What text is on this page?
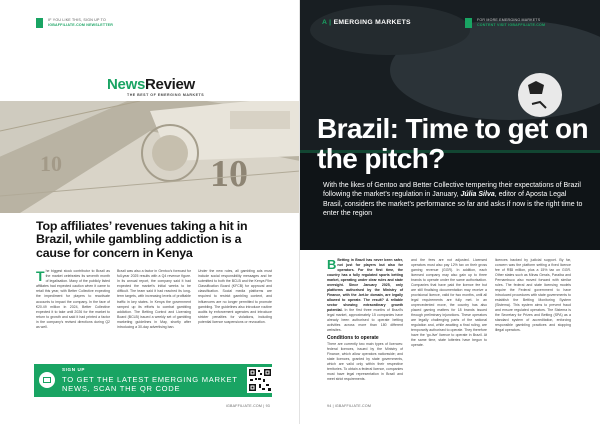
IF YOU LIKE THIS, SIGN UP TO
IGBAFFILIATE.COM NEWSLETTER
NewsReview
THE BEST OF EMERGING MARKETS
10
10
Top affiliates’ revenues taking a hit in Brazil, while gambling addiction is a cause for concern in Kenya
The biggest stock contributor to Brazil as the market celebrates its seventh month of legalisation. Many of the publicly listed affiliates had expected caution when it came to retail this year, with Better Collective expecting the impediment for players to reactivate accounts to impact the company. In the face of €20.49 million in 2024, Better Collective expected it to take until 2026 for the market to return to growth and said it had printed a factor in the company’s revised directions during Q2 as well.
Brazil was also a factor in Gentoo’s forecast for full-year 2025 results with a Q4 revenue figure. In its annual report, the company said it had expected the market’s initial weeks to be difficult. The team said it had reached its long-term targets, with increasing levels of profitable traffic in key states. In Kenya the government ramped up its efforts to combat gambling addiction. The Betting Control and Licensing Board (BCLB) issued a weekly set of gambling marketing guidelines in May, shortly after introducing a 30-day advertising ban.
Under the new rules, all gambling ads must include social responsibility messages and be submitted to both the BCLB and the Kenya Film Classification Board (KFCB) for approval and classification. Social media platforms are required to restrict gambling content, and influencers are no longer permitted to promote gambling. The guidelines also introduce routine audits by enforcement agencies and introduce stricter penalties for violations, including potential licence suspensions or revocation.
SIGN UP
TO GET THE LATEST EMERGING MARKET NEWS, SCAN THE QR CODE
iGBAFFILIATE.COM | 93
FOR MORE EMERGING MARKETS
CONTENT VISIT IGBAFFILIATE.COM
A | EMERGING MARKETS
Brazil: Time to get on the pitch?
With the likes of Gentoo and Better Collective tempering their expectations of Brazil following the market’s regulation in January, Júlia Silva, editor of Aposta Legal Brasil, considers the market’s performance so far and asks if now is the right time to enter the region
B Betting in Brazil has never been safer, not just for players but also for operators. For the first time, the country has a fully regulated sports betting market, operating under clear rules and state oversight. Since January 2025, only platforms authorised by the Ministry of Finance, with the .bet.br domain, are legally allowed to operate. The result? A reliable sector showing extraordinary growth potential. In the first three months of Brazil’s legal market, approximately 15 companies have already been authorised to operate betting activities across more than 180 different websites.
Conditions to operate
There are currently two main types of licences: federal licences, issued by the Ministry of Finance, which allow operators nationwide; and state licences, granted by state governments, which are valid only within their respective territories. To obtain a federal licence, companies must have legal representation in Brazil and meet strict requirements.
and the fees are not adjusted. Licensed operators must also pay 12% tax on their gross gaming revenue (GGR). In addition, each licensed company may also gain up to three brands to operate under the same authorisation. Companies that have paid the licence fee but are still finalising documentation may receive a provisional licence, valid for two months, until all legal requirements are fully met. In an unprecedented move, the country has also placed gaming matters for 18 brands issued through preliminary injunctions. These operators are legally challenging parts of the national regulation and, while awaiting a final ruling, are temporarily authorised to operate. They therefore have the ‘go-live’ licence to operate in Brazil. At the same time, state lotteries have begun to operate.
licences backed by judicial support. By far, concern was the platform setting a fixed licence fee of R$5 million, plus a 15% tax on GGR. Other states such as Minas Gerais, Paraíba and Pernambuco also moved forward with similar rules. The federal and state licensing models require the Federal government to have introduced procedures with state governments to establish the Betting Monitoring System (Sistema). This system aims to prevent fraud and ensure regulated operators. The Sistema is the Secretary for Prizes and Betting (SPA) as a standard system of accreditation, enforcing responsible gambling practices and stopping illegal operators.
94 | iGBAFFILIATE.COM
